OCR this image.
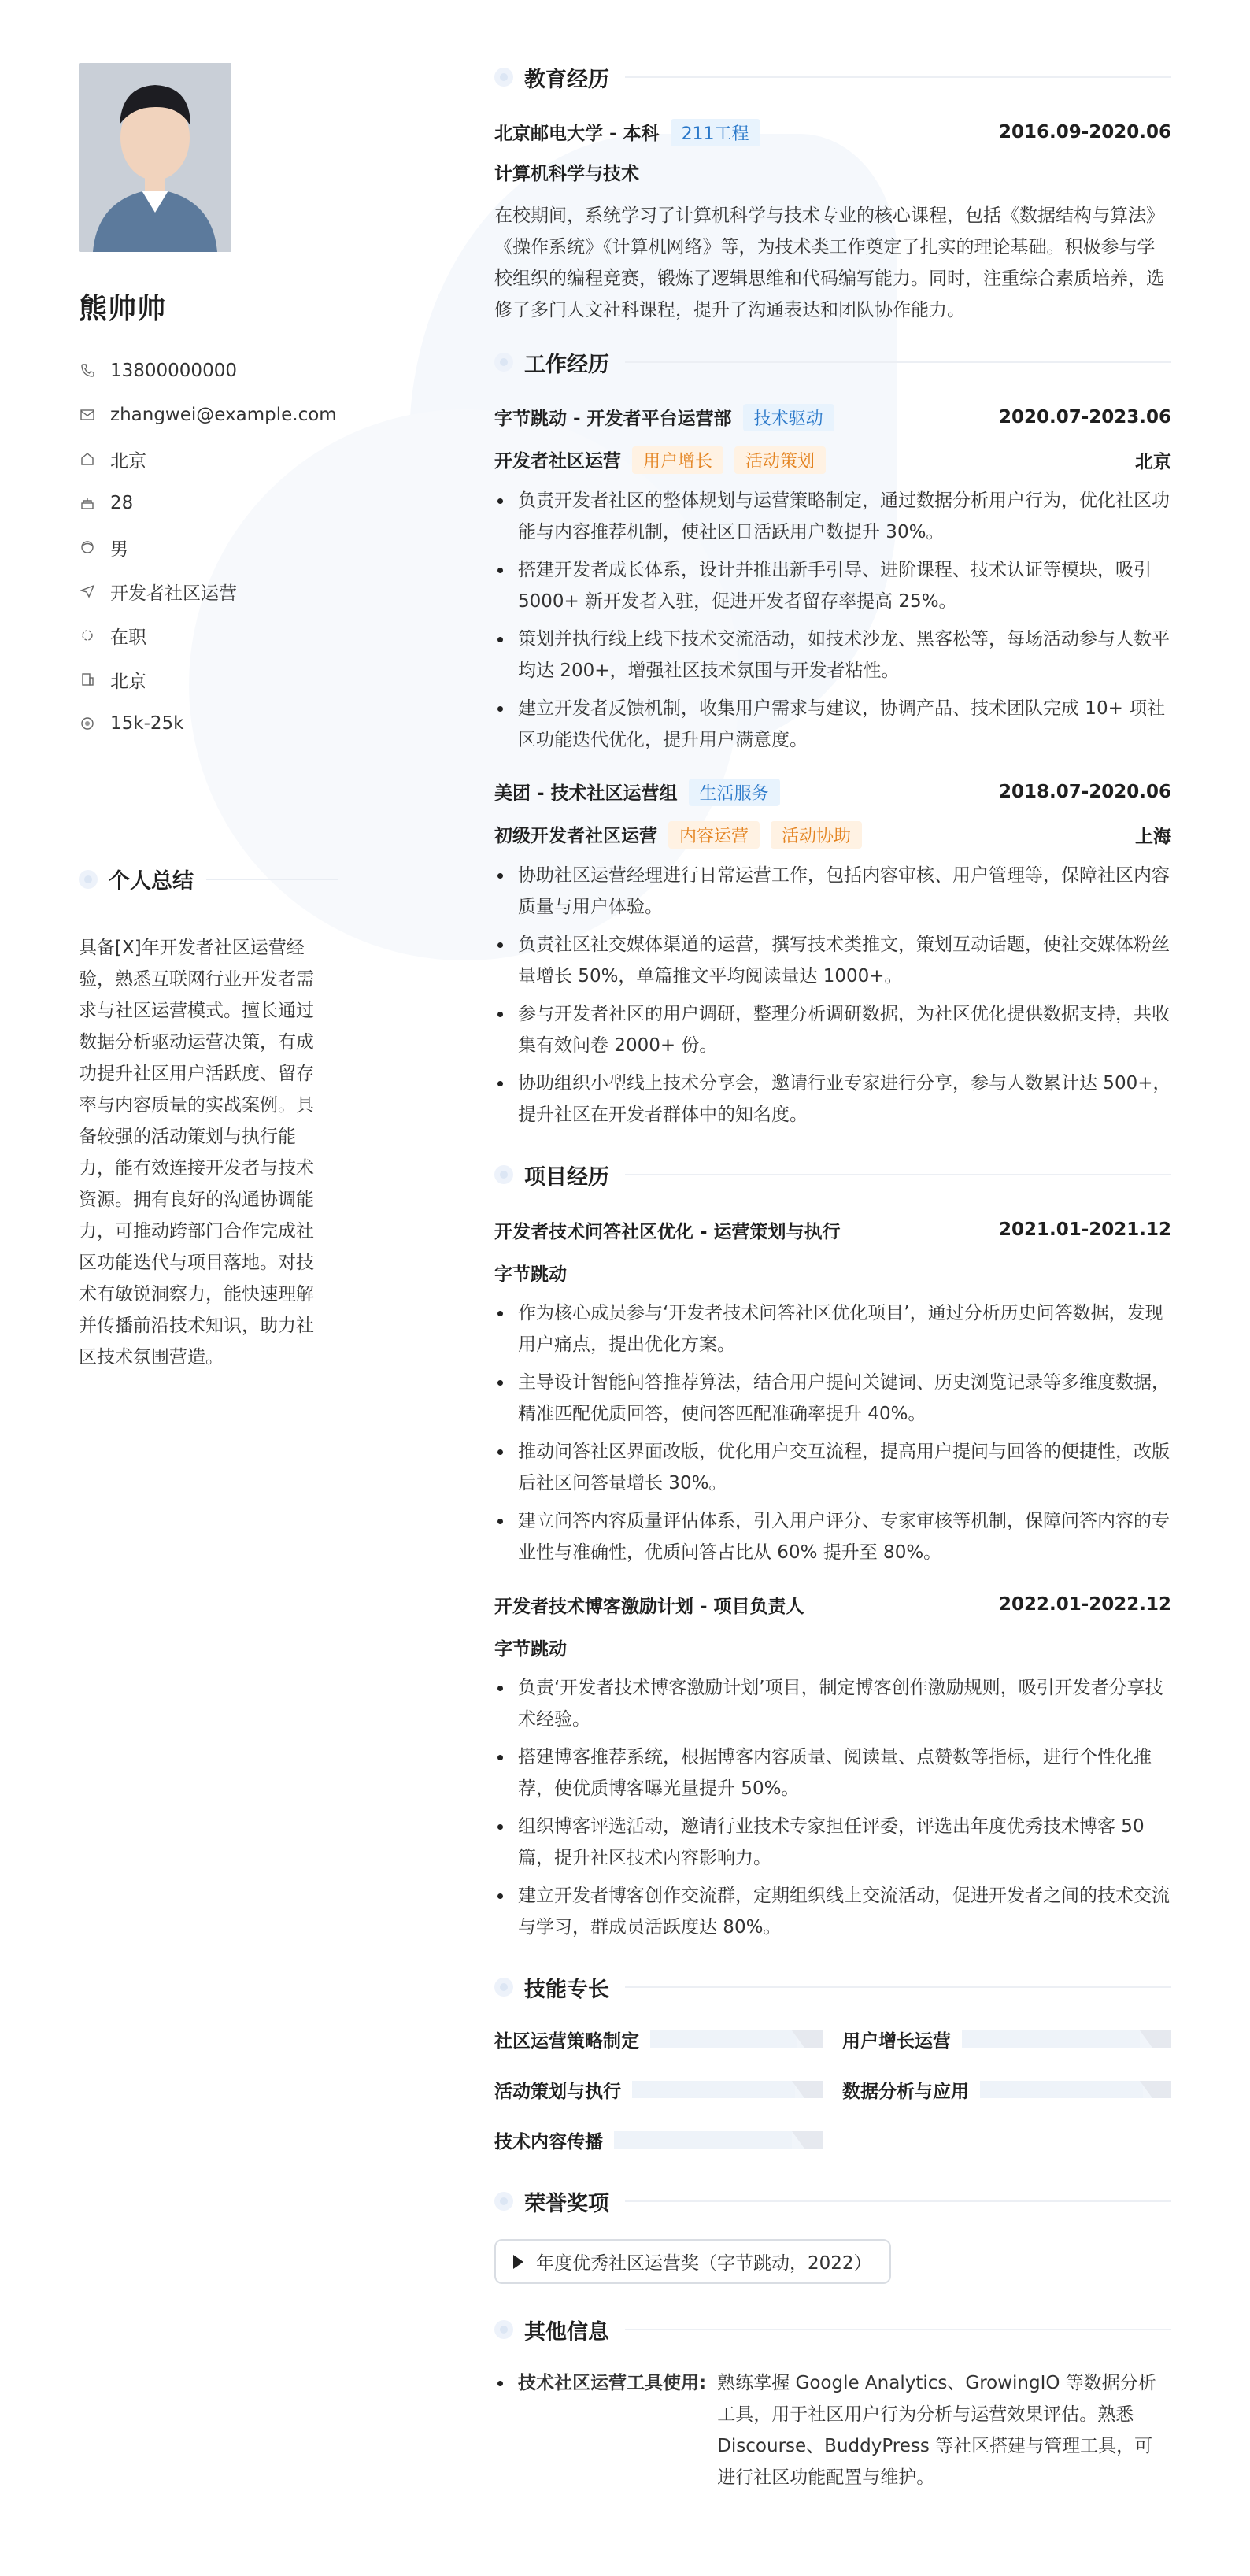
熊帅帅
13800000000
zhangwei@example.com
北京
28
男
开发者社区运营
在职
北京
15k-25k
个人总结
具备[X]年开发者社区运营经验，熟悉互联网行业开发者需求与社区运营模式。擅长通过数据分析驱动运营决策，有成功提升社区用户活跃度、留存率与内容质量的实战案例。具备较强的活动策划与执行能力，能有效连接开发者与技术资源。拥有良好的沟通协调能力，可推动跨部门合作完成社区功能迭代与项目落地。对技术有敏锐洞察力，能快速理解并传播前沿技术知识，助力社区技术氛围营造。
教育经历
北京邮电大学 - 本科 211工程	2016.09-2020.06
计算机科学与技术
在校期间，系统学习了计算机科学与技术专业的核心课程，包括《数据结构与算法》《操作系统》《计算机网络》等，为技术类工作奠定了扎实的理论基础。积极参与学校组织的编程竞赛，锻炼了逻辑思维和代码编写能力。同时，注重综合素质培养，选修了多门人文社科课程，提升了沟通表达和团队协作能力。
工作经历
字节跳动 - 开发者平台运营部 技术驱动	2020.07-2023.06
开发者社区运营 用户增长 活动策划	北京
负责开发者社区的整体规划与运营策略制定，通过数据分析用户行为，优化社区功能与内容推荐机制，使社区日活跃用户数提升 30%。
搭建开发者成长体系，设计并推出新手引导、进阶课程、技术认证等模块，吸引 5000+ 新开发者入驻，促进开发者留存率提高 25%。
策划并执行线上线下技术交流活动，如技术沙龙、黑客松等，每场活动参与人数平均达 200+，增强社区技术氛围与开发者粘性。
建立开发者反馈机制，收集用户需求与建议，协调产品、技术团队完成 10+ 项社区功能迭代优化，提升用户满意度。
美团 - 技术社区运营组 生活服务	2018.07-2020.06
初级开发者社区运营 内容运营 活动协助	上海
协助社区运营经理进行日常运营工作，包括内容审核、用户管理等，保障社区内容质量与用户体验。
负责社区社交媒体渠道的运营，撰写技术类推文，策划互动话题，使社交媒体粉丝量增长 50%，单篇推文平均阅读量达 1000+。
参与开发者社区的用户调研，整理分析调研数据，为社区优化提供数据支持，共收集有效问卷 2000+ 份。
协助组织小型线上技术分享会，邀请行业专家进行分享，参与人数累计达 500+，提升社区在开发者群体中的知名度。
项目经历
开发者技术问答社区优化 - 运营策划与执行	2021.01-2021.12
字节跳动
作为核心成员参与‘开发者技术问答社区优化项目’，通过分析历史问答数据，发现用户痛点，提出优化方案。
主导设计智能问答推荐算法，结合用户提问关键词、历史浏览记录等多维度数据，精准匹配优质回答，使问答匹配准确率提升 40%。
推动问答社区界面改版，优化用户交互流程，提高用户提问与回答的便捷性，改版后社区问答量增长 30%。
建立问答内容质量评估体系，引入用户评分、专家审核等机制，保障问答内容的专业性与准确性，优质问答占比从 60% 提升至 80%。
开发者技术博客激励计划 - 项目负责人	2022.01-2022.12
字节跳动
负责‘开发者技术博客激励计划’项目，制定博客创作激励规则，吸引开发者分享技术经验。
搭建博客推荐系统，根据博客内容质量、阅读量、点赞数等指标，进行个性化推荐，使优质博客曝光量提升 50%。
组织博客评选活动，邀请行业技术专家担任评委，评选出年度优秀技术博客 50 篇，提升社区技术内容影响力。
建立开发者博客创作交流群，定期组织线上交流活动，促进开发者之间的技术交流与学习，群成员活跃度达 80%。
技能专长
社区运营策略制定	用户增长运营
活动策划与执行	数据分析与应用
技术内容传播
荣誉奖项
年度优秀社区运营奖（字节跳动，2022）
其他信息
技术社区运营工具使用: 熟练掌握 Google Analytics、GrowingIO 等数据分析工具，用于社区用户行为分析与运营效果评估。熟悉 Discourse、BuddyPress 等社区搭建与管理工具，可进行社区功能配置与维护。
